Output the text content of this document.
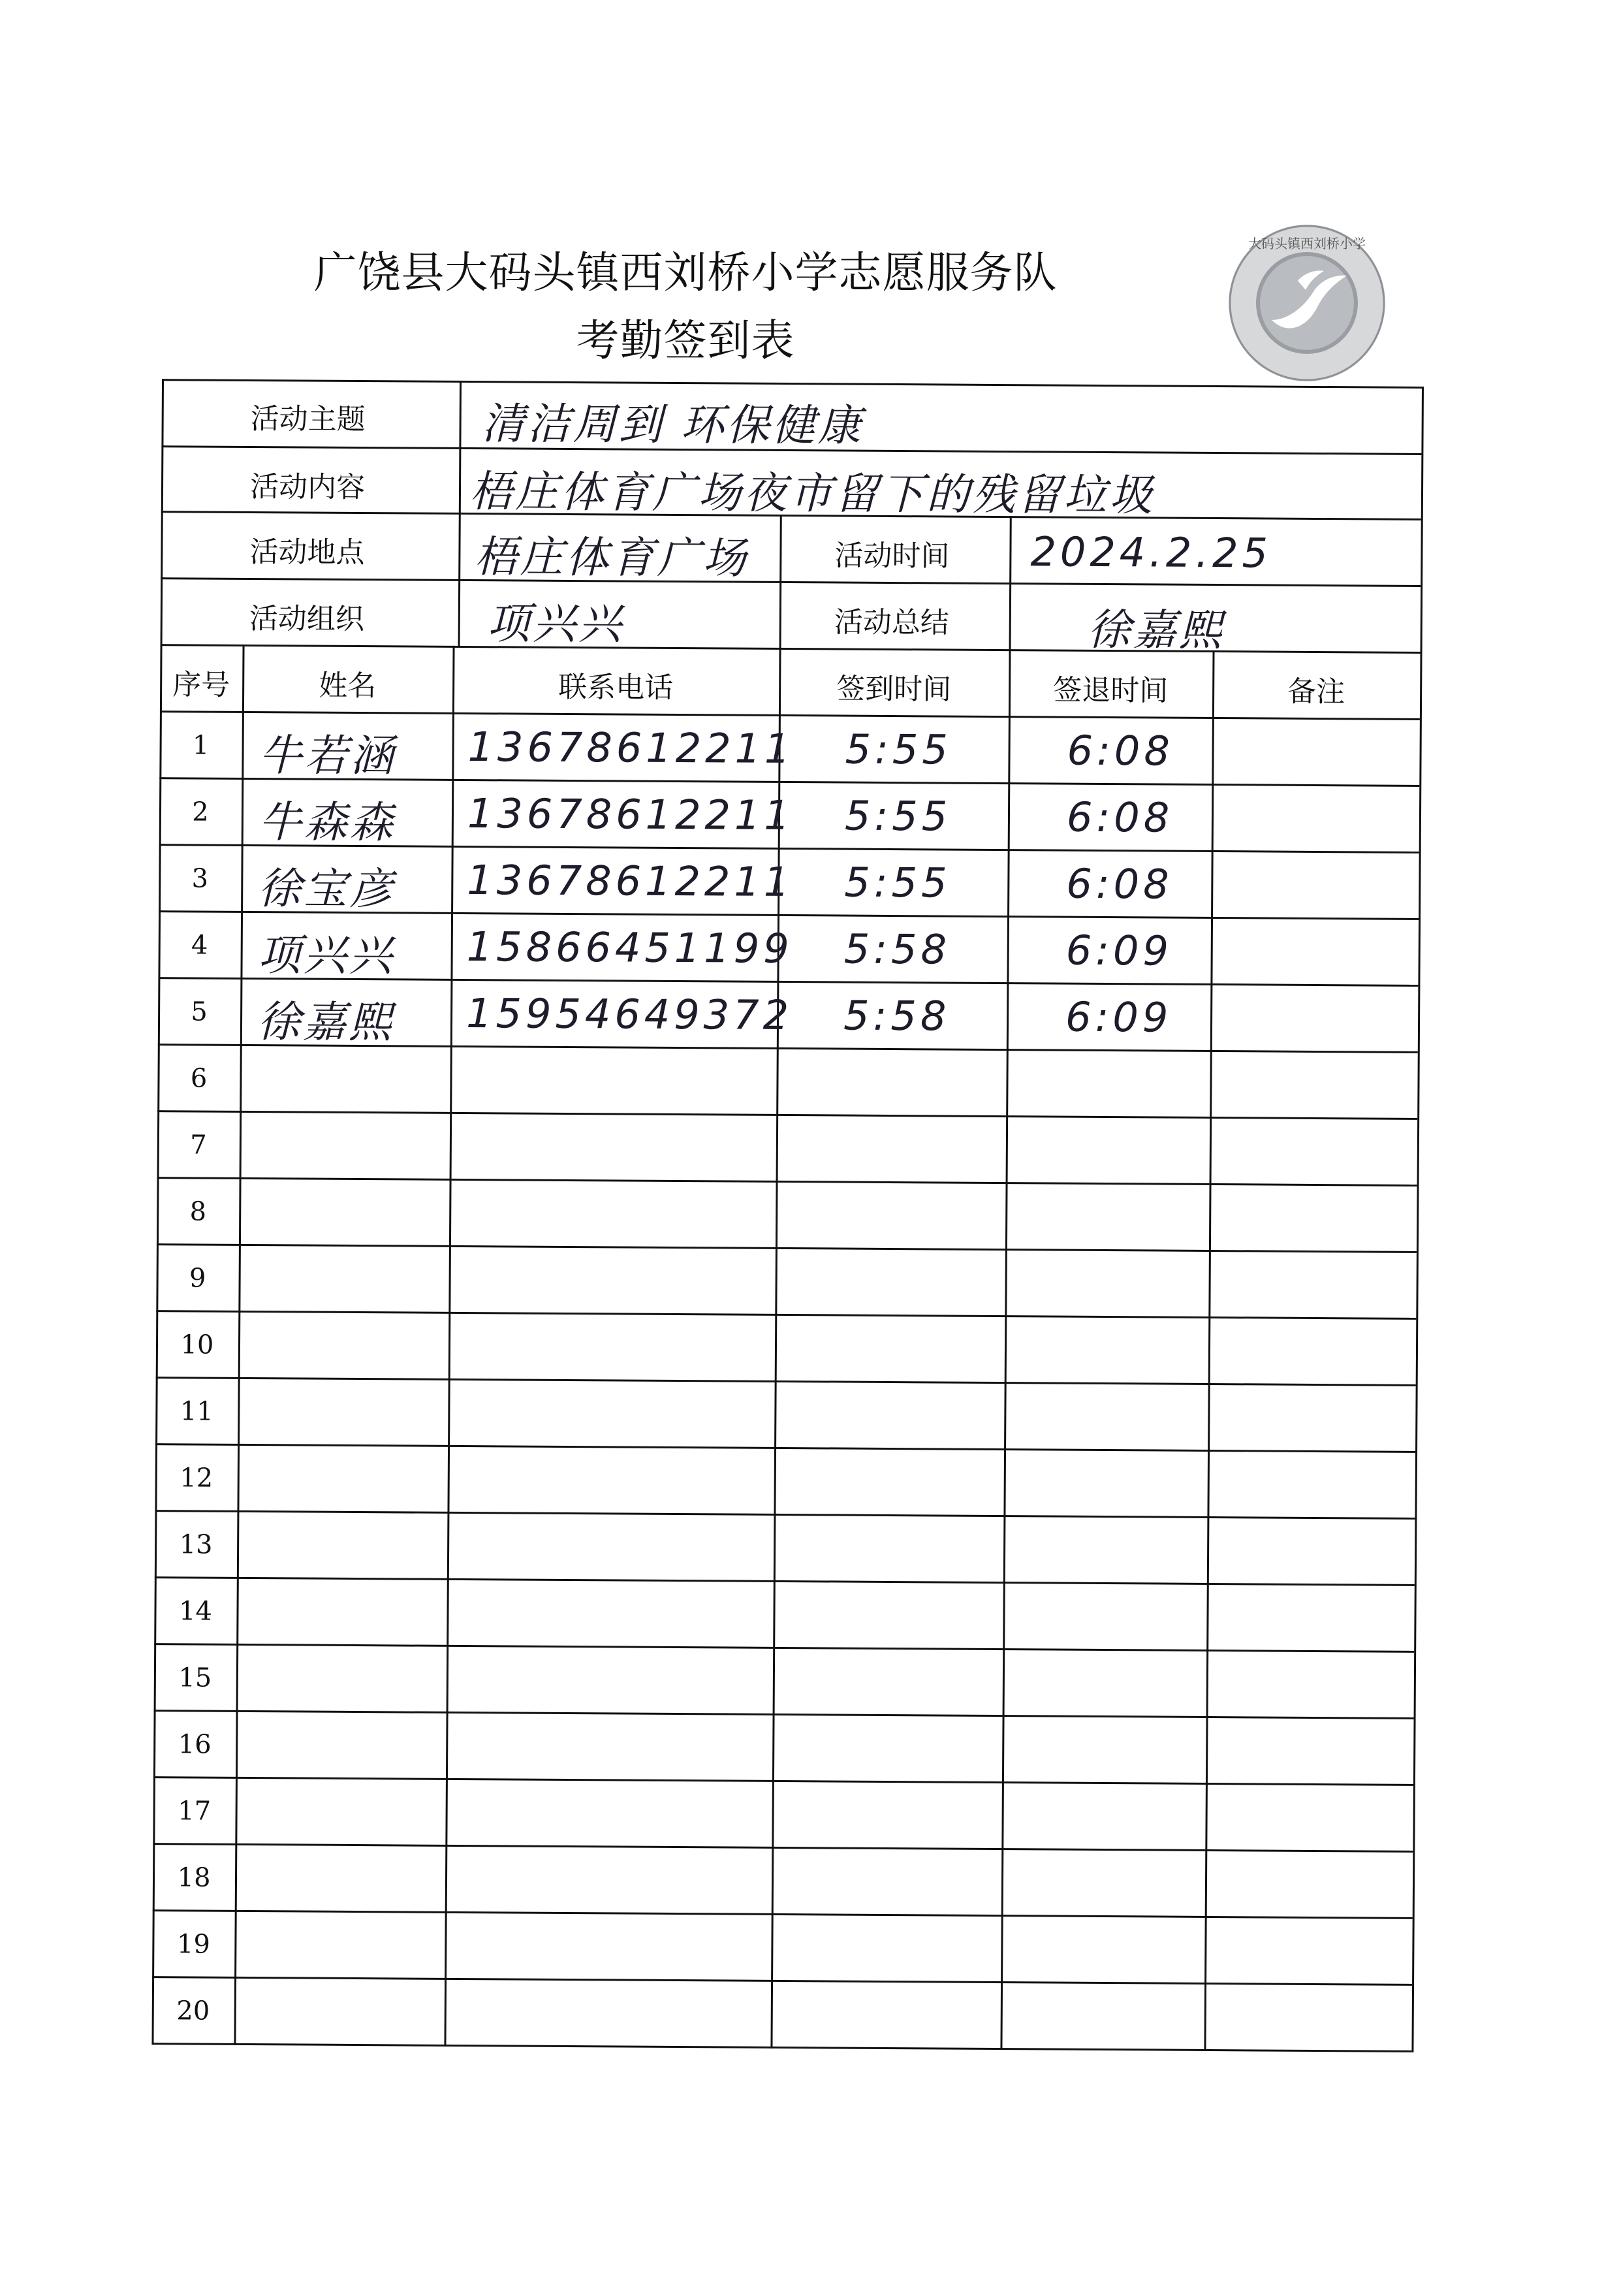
广饶县大码头镇西刘桥小学志愿服务队
考勤签到表
大码头镇西刘桥小学
活动主题	清洁周到 环保健康
活动内容 梧庄体育广场夜市留下的残留垃圾
活动地点	梧庄体育广场	活动时间 2024.2.25
活动组织	项兴兴	活动总结	徐嘉熙
序号	姓名	联系电话	签到时间	签退时间	备注
1	牛若涵 13678612211 5:55	6:08
2	牛森森 13678612211 5:55	6:08
3	徐宝彦 13678612211 5:55	6:08
4	项兴兴 15866451199 5:58	6:09
5	徐嘉熙 15954649372 5:58	6:09
6
7
8
9
10
11
12
13
14
15
16
17
18
19
20
